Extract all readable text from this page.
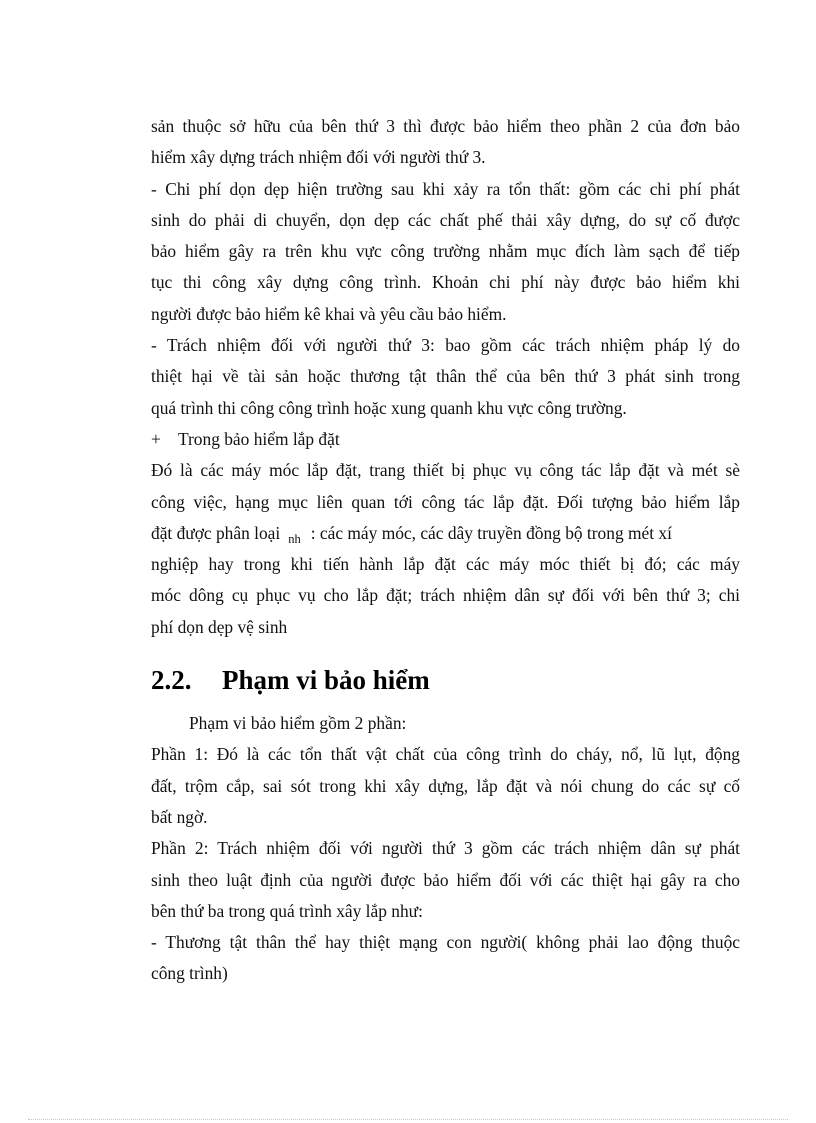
sản thuộc sở hữu của bên thứ 3 thì được bảo hiểm theo phần 2 của đơn bảo
hiểm xây dựng trách nhiệm đối với người thứ 3.
- Chi phí dọn dẹp hiện trường sau khi xảy ra tổn thất: gồm các chi phí phát
sinh do phải di chuyển, dọn dẹp các chất phế thải xây dựng, do sự cố được
bảo hiểm gây ra trên khu vực công trường nhằm mục đích làm sạch để tiếp
tục thi công xây dựng công trình. Khoản chi phí này được bảo hiểm khi
người được bảo hiểm kê khai và yêu cầu bảo hiểm.
- Trách nhiệm đối với người thứ 3: bao gồm các trách nhiệm pháp lý do
thiệt hại về tài sản hoặc thương tật thân thể của bên thứ 3 phát sinh trong
quá trình thi công công trình hoặc xung quanh khu vực công trường.
+ Trong bảo hiểm lắp đặt
Đó là các máy móc lắp đặt, trang thiết bị phục vụ công tác lắp đặt và mét sè
công việc, hạng mục liên quan tới công tác lắp đặt. Đối tượng bảo hiểm lắp
đặt được phân loại $_{nh}$ : các máy móc, các dây truyền đồng bộ trong mét xí
nghiệp hay trong khi tiến hành lắp đặt các máy móc thiết bị đó; các máy
móc dông cụ phục vụ cho lắp đặt; trách nhiệm dân sự đối với bên thứ 3; chi
phí dọn dẹp vệ sinh
2.2. Phạm vi bảo hiểm
Phạm vi bảo hiểm gồm 2 phần:
Phần 1: Đó là các tổn thất vật chất của công trình do cháy, nổ, lũ lụt, động
đất, trộm cắp, sai sót trong khi xây dựng, lắp đặt và nói chung do các sự cố
bất ngờ.
Phần 2: Trách nhiệm đối với người thứ 3 gồm các trách nhiệm dân sự phát
sinh theo luật định của người được bảo hiểm đối với các thiệt hại gây ra cho
bên thứ ba trong quá trình xây lắp như:
- Thương tật thân thể hay thiệt mạng con người( không phải lao động thuộc
công trình)
